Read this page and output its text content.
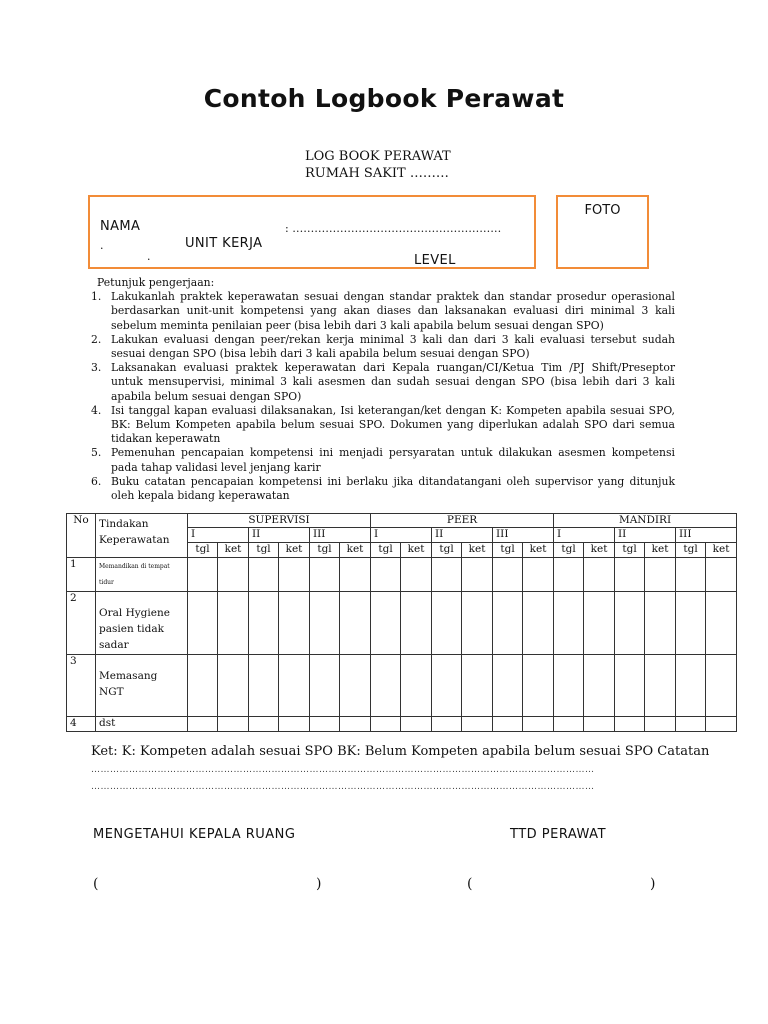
Contoh Logbook Perawat
LOG BOOK PERAWAT
RUMAH SAKIT ………
NAMA	: …………………………………………………
.	UNIT KERJA
·	LEVEL
FOTO
Petunjuk pengerjaan:
1. Lakukanlah praktek keperawatan sesuai dengan standar praktek dan standar prosedur operasional berdasarkan unit-unit kompetensi yang akan diases dan laksanakan evaluasi diri minimal 3 kali sebelum meminta penilaian peer (bisa lebih dari 3 kali apabila belum sesuai dengan SPO)
2. Lakukan evaluasi dengan peer/rekan kerja minimal 3 kali dan dari 3 kali evaluasi tersebut sudah sesuai dengan SPO (bisa lebih dari 3 kali apabila belum sesuai dengan SPO)
3. Laksanakan evaluasi praktek keperawatan dari Kepala ruangan/CI/Ketua Tim /PJ Shift/Preseptor untuk mensupervisi, minimal 3 kali asesmen dan sudah sesuai dengan SPO (bisa lebih dari 3 kali apabila belum sesuai dengan SPO)
4. Isi tanggal kapan evaluasi dilaksanakan, Isi keterangan/ket dengan K: Kompeten apabila sesuai SPO, BK: Belum Kompeten apabila belum sesuai SPO. Dokumen yang diperlukan adalah SPO dari semua tidakan keperawatn
5. Pemenuhan pencapaian kompetensi ini menjadi persyaratan untuk dilakukan asesmen kompetensi pada tahap validasi level jenjang karir
6. Buku catatan pencapaian kompetensi ini berlaku jika ditandatangani oleh supervisor yang ditunjuk oleh kepala bidang keperawatan
No	Tindakan Keperawatan	SUPERVISI						PEER						MANDIRI					
		I		II		III		I		II		III		I		II		III	
		tgl	ket	tgl	ket	tgl	ket	tgl	ket	tgl	ket	tgl	ket	tgl	ket	tgl	ket	tgl	ket
1	Memandikan di tempat tidur																		
2	Oral Hygiene pasien tidak sadar																		
3	Memasang NGT																		
4	dst																		
Ket: K: Kompeten adalah sesuai SPO BK: Belum Kompeten apabila belum sesuai SPO Catatan
……………………………………………………………………………………………………………………………………………
……………………………………………………………………………………………………………………………………………
MENGETAHUI KEPALA RUANG	TTD PERAWAT
(	)	(	)
